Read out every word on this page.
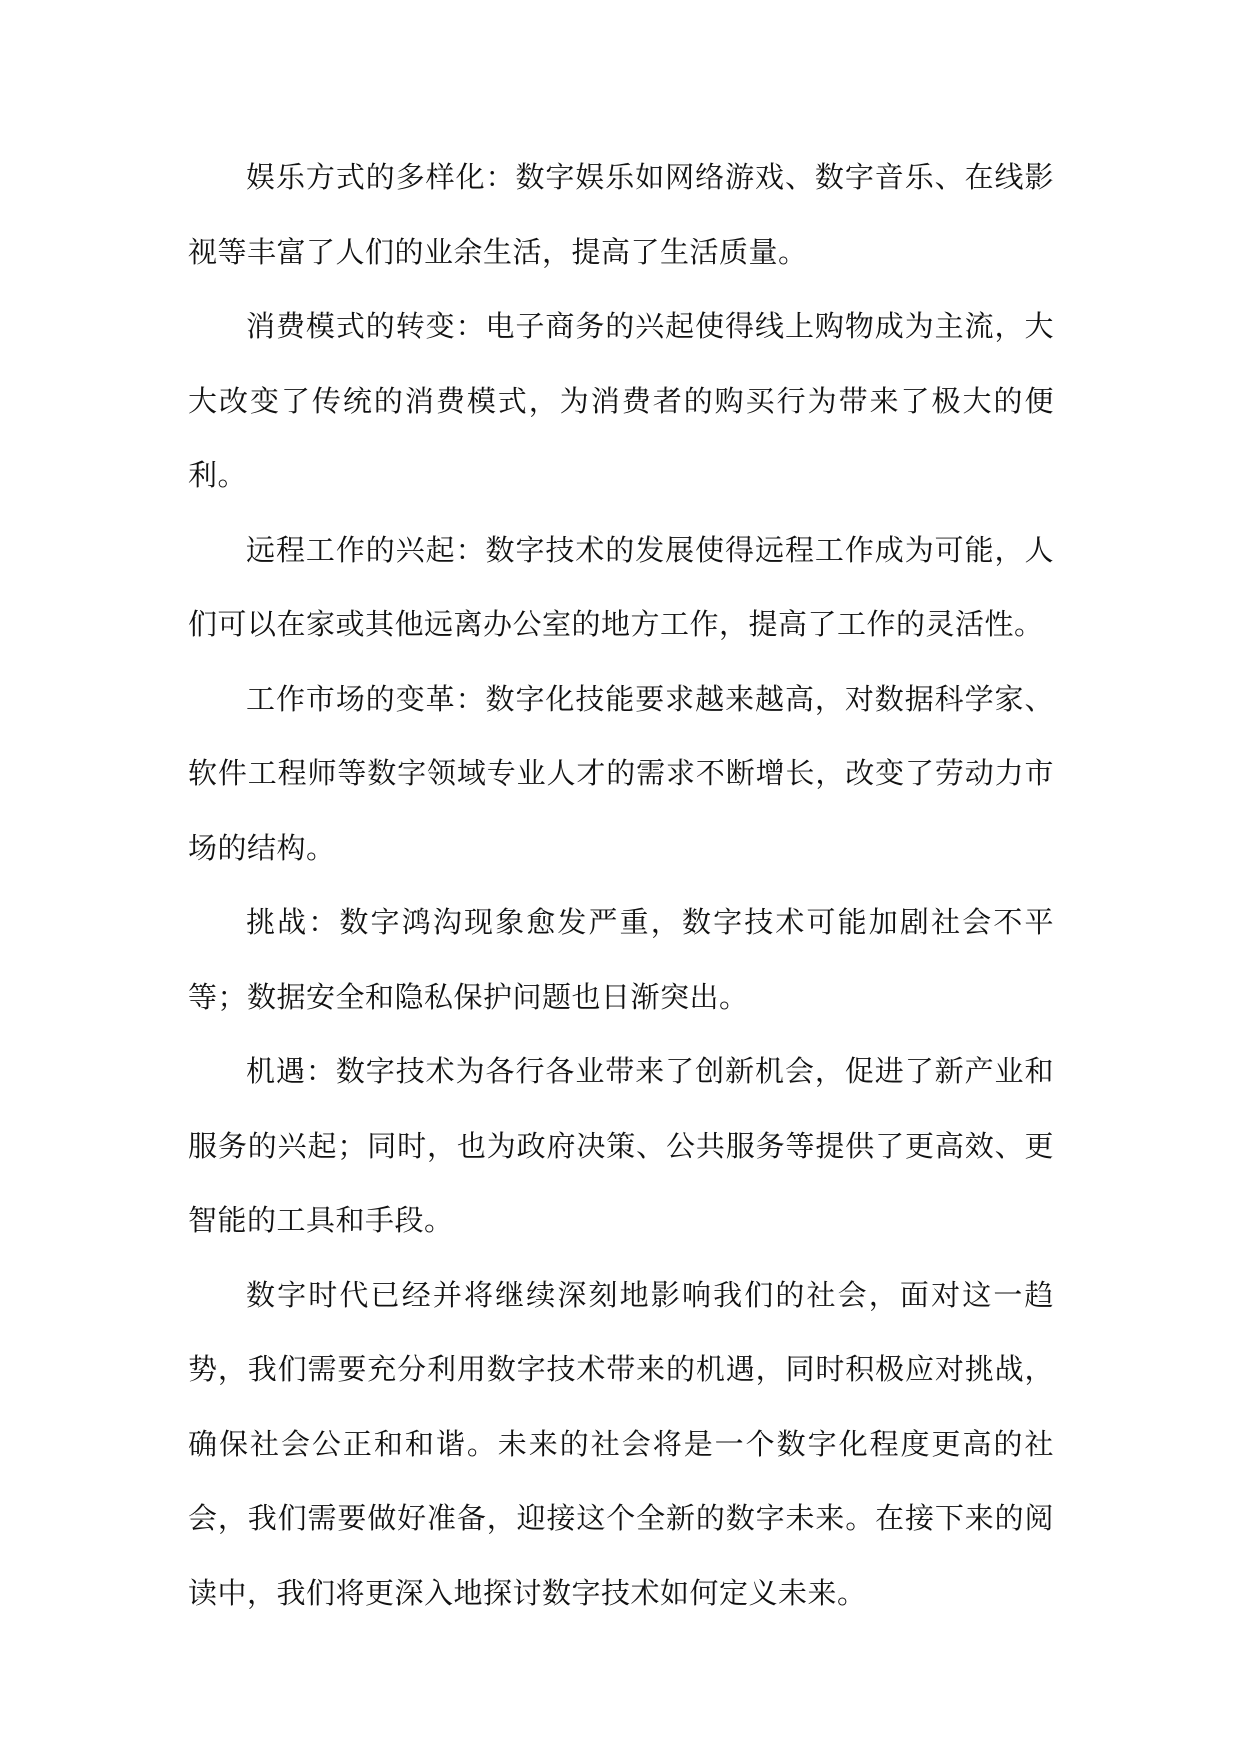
娱乐方式的多样化：数字娱乐如网络游戏、数字音乐、在线影视等丰富了人们的业余生活，提高了生活质量。

消费模式的转变：电子商务的兴起使得线上购物成为主流，大大改变了传统的消费模式，为消费者的购买行为带来了极大的便利。

远程工作的兴起：数字技术的发展使得远程工作成为可能，人们可以在家或其他远离办公室的地方工作，提高了工作的灵活性。

工作市场的变革：数字化技能要求越来越高，对数据科学家、软件工程师等数字领域专业人才的需求不断增长，改变了劳动力市场的结构。

挑战：数字鸿沟现象愈发严重，数字技术可能加剧社会不平等；数据安全和隐私保护问题也日渐突出。

机遇：数字技术为各行各业带来了创新机会，促进了新产业和服务的兴起；同时，也为政府决策、公共服务等提供了更高效、更智能的工具和手段。

数字时代已经并将继续深刻地影响我们的社会，面对这一趋势，我们需要充分利用数字技术带来的机遇，同时积极应对挑战，确保社会公正和和谐。未来的社会将是一个数字化程度更高的社会，我们需要做好准备，迎接这个全新的数字未来。在接下来的阅读中，我们将更深入地探讨数字技术如何定义未来。
